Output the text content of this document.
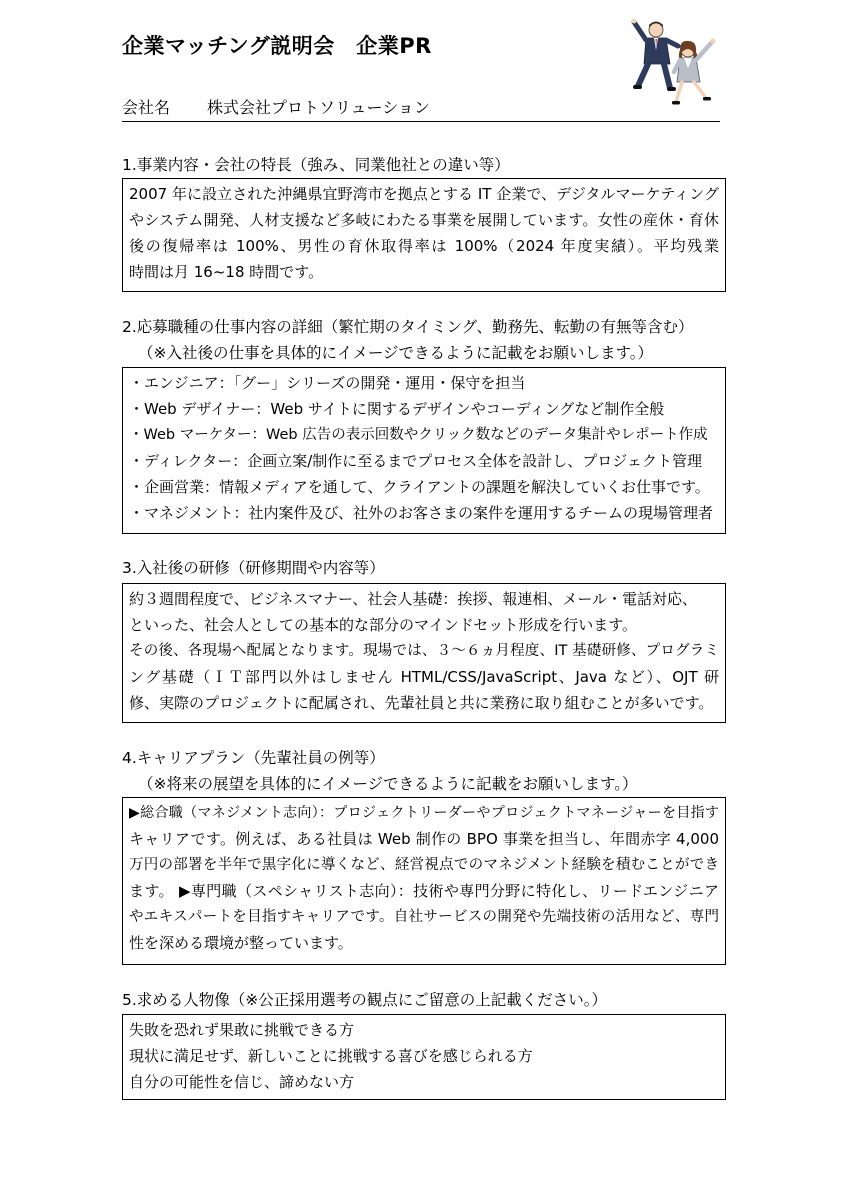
企業マッチング説明会　企業PR
会社名 株式会社プロトソリューション
1.事業内容・会社の特長（強み、同業他社との違い等）
2007 年に設立された沖縄県宜野湾市を拠点とする IT 企業で、デジタルマーケティング
やシステム開発、人材支援など多岐にわたる事業を展開しています。女性の産休・育休
後の復帰率は 100%、男性の育休取得率は 100%（2024 年度実績）。平均残業
時間は月 16~18 時間です。
2.応募職種の仕事内容の詳細（繁忙期のタイミング、勤務先、転勤の有無等含む）
（※入社後の仕事を具体的にイメージできるように記載をお願いします。）
・エンジニア：「グー」シリーズの開発・運用・保守を担当
・Web デザイナー：Web サイトに関するデザインやコーディングなど制作全般
・Web マーケター：Web 広告の表示回数やクリック数などのデータ集計やレポート作成
・ディレクター：企画立案/制作に至るまでプロセス全体を設計し、プロジェクト管理
・企画営業：情報メディアを通して、クライアントの課題を解決していくお仕事です。
・マネジメント：社内案件及び、社外のお客さまの案件を運用するチームの現場管理者
3.入社後の研修（研修期間や内容等）
約３週間程度で、ビジネスマナー、社会人基礎：挨拶、報連相、メール・電話対応、
といった、社会人としての基本的な部分のマインドセット形成を行います。
その後、各現場へ配属となります。現場では、３～６ヵ月程度、IT 基礎研修、プログラミ
ング基礎（ＩＴ部門以外はしません HTML/CSS/JavaScript、Java など）、OJT 研
修、実際のプロジェクトに配属され、先輩社員と共に業務に取り組むことが多いです。
4.キャリアプラン（先輩社員の例等）
（※将来の展望を具体的にイメージできるように記載をお願いします。）
▶総合職（マネジメント志向）：プロジェクトリーダーやプロジェクトマネージャーを目指す
キャリアです。例えば、ある社員は Web 制作の BPO 事業を担当し、年間赤字 4,000
万円の部署を半年で黒字化に導くなど、経営視点でのマネジメント経験を積むことができ
ます。 ▶専門職（スペシャリスト志向）：技術や専門分野に特化し、リードエンジニア
やエキスパートを目指すキャリアです。自社サービスの開発や先端技術の活用など、専門
性を深める環境が整っています。
5.求める人物像（※公正採用選考の観点にご留意の上記載ください。）
失敗を恐れず果敢に挑戦できる方
現状に満足せず、新しいことに挑戦する喜びを感じられる方
自分の可能性を信じ、諦めない方
